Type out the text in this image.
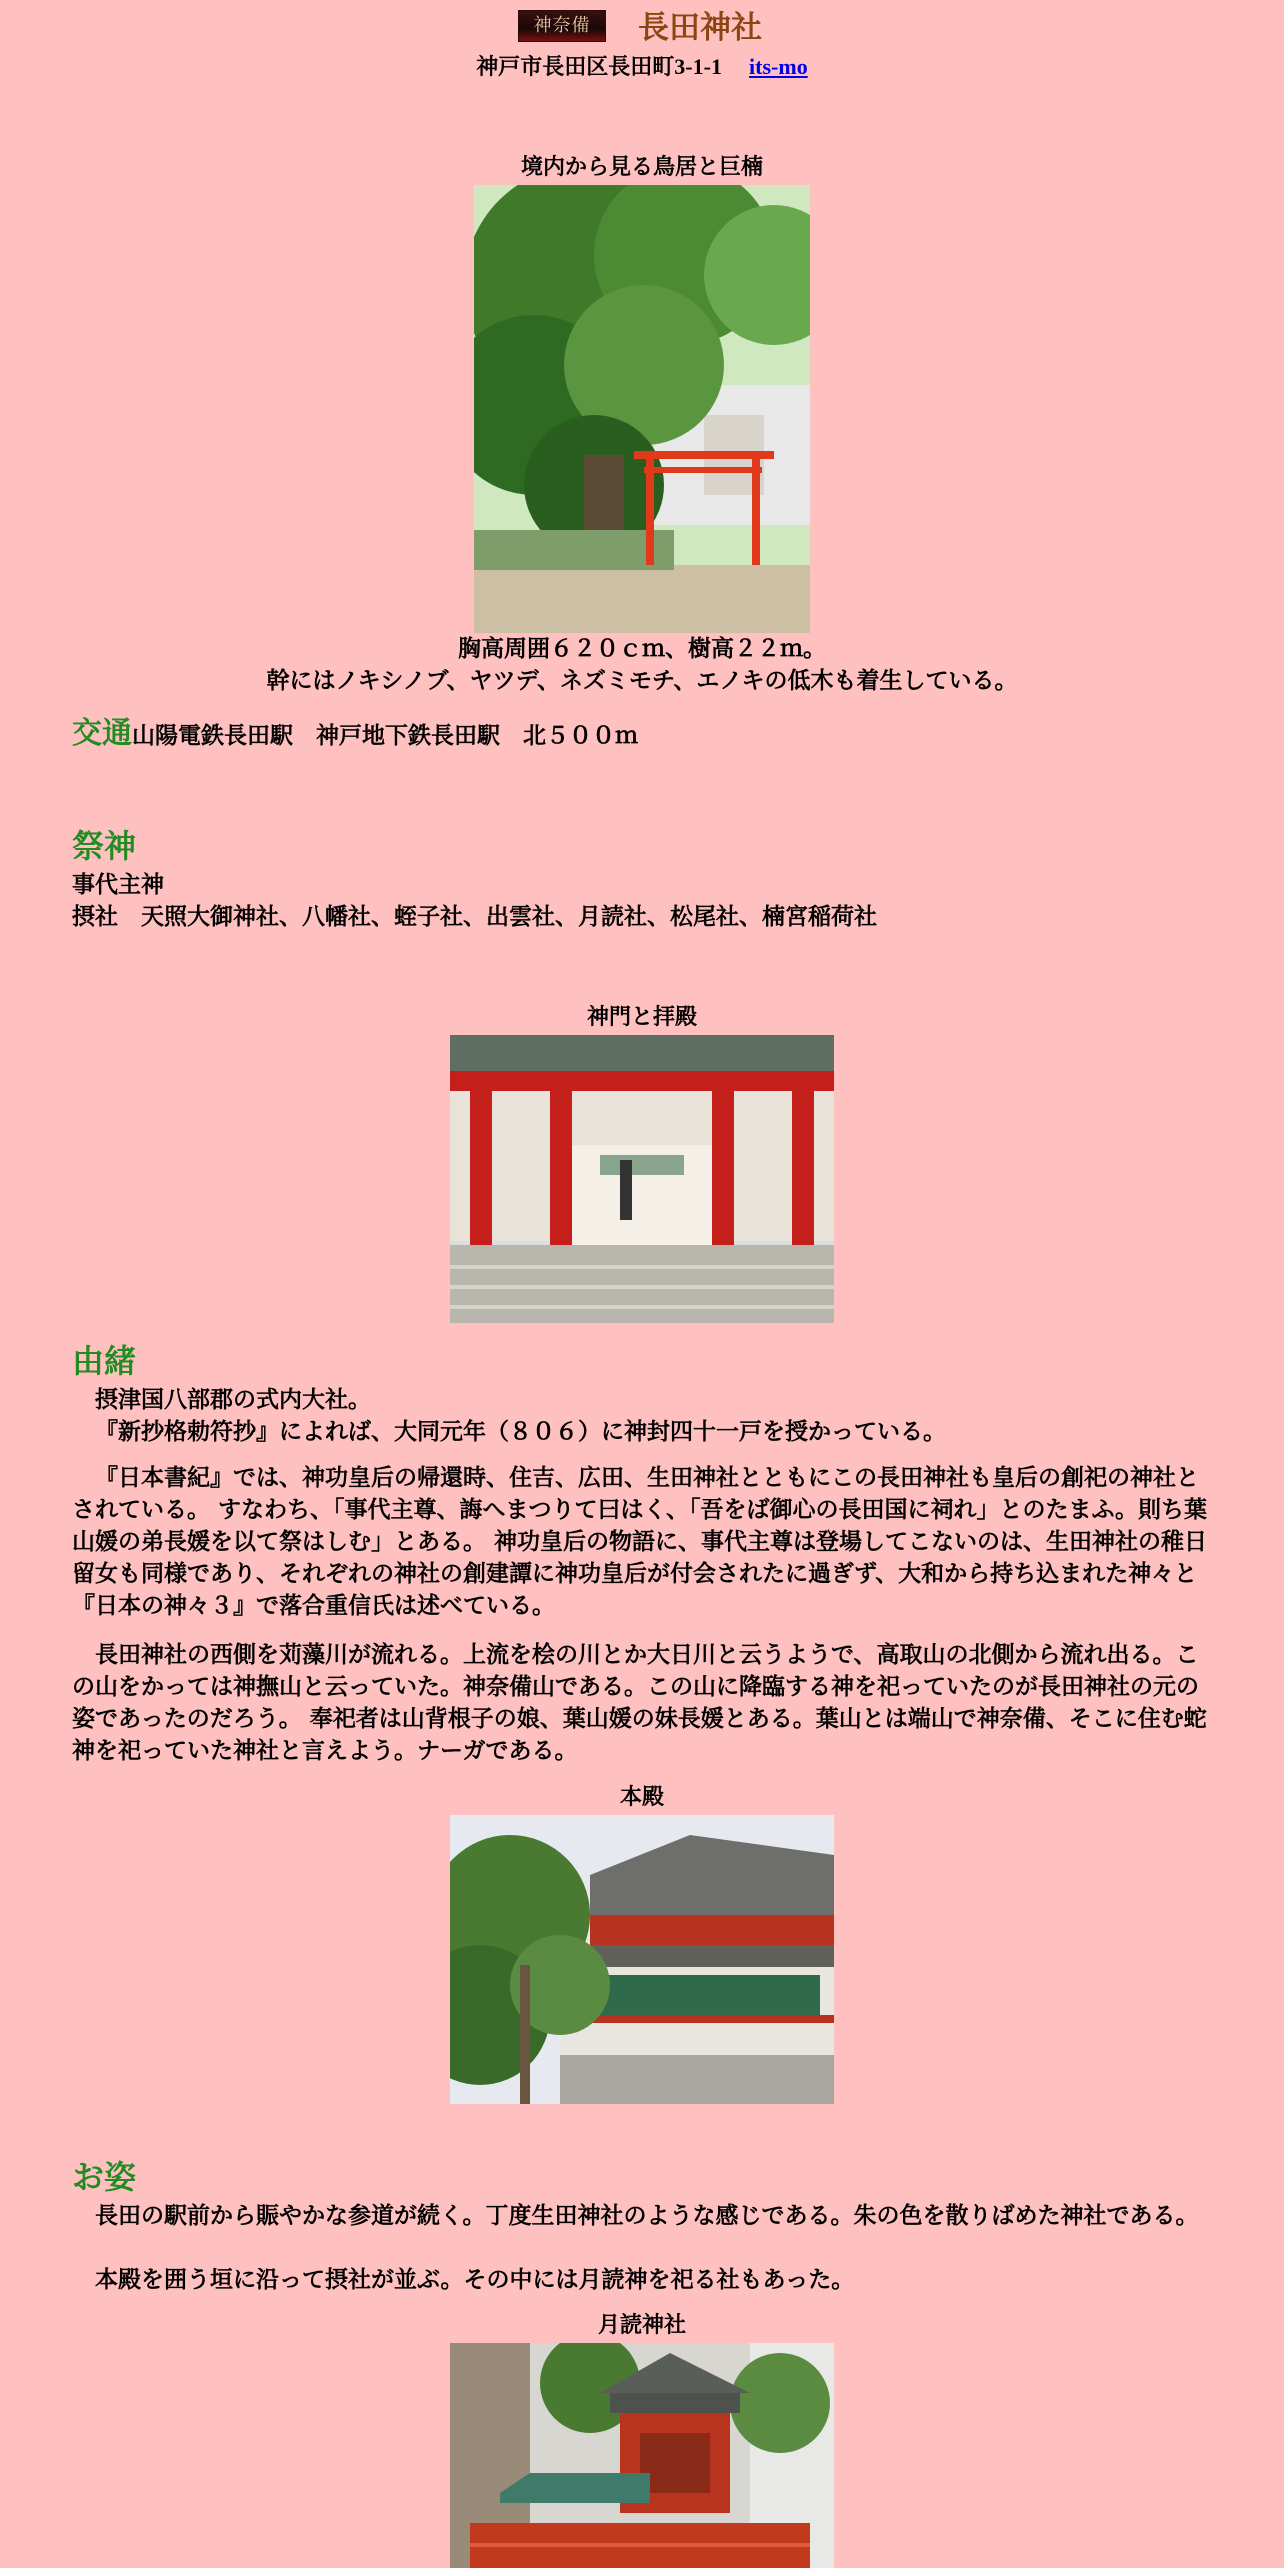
神奈備	長田神社
神戸市長田区長田町3-1-1 its-mo
境内から見る鳥居と巨楠
胸高周囲６２０ｃｍ、樹高２２ｍ。
幹にはノキシノブ、ヤツデ、ネズミモチ、エノキの低木も着生している。
交通山陽電鉄長田駅　神戸地下鉄長田駅　北５００ｍ
祭神
事代主神
摂社　天照大御神社、八幡社、蛭子社、出雲社、月読社、松尾社、楠宮稲荷社
神門と拝殿
由緒
摂津国八部郡の式内大社。
『新抄格勅符抄』によれば、大同元年（８０６）に神封四十一戸を授かっている。
『日本書紀』では、神功皇后の帰還時、住吉、広田、生田神社とともにこの長田神社も皇后の創祀の神社とされている。 すなわち、「事代主尊、誨へまつりて曰はく、「吾をば御心の長田国に祠れ」とのたまふ。則ち葉山媛の弟長媛を以て祭はしむ」とある。 神功皇后の物語に、事代主尊は登場してこないのは、生田神社の稚日留女も同様であり、それぞれの神社の創建譚に神功皇后が付会されたに過ぎず、大和から持ち込まれた神々と『日本の神々３』で落合重信氏は述べている。
長田神社の西側を苅藻川が流れる。上流を桧の川とか大日川と云うようで、高取山の北側から流れ出る。この山をかっては神撫山と云っていた。神奈備山である。この山に降臨する神を祀っていたのが長田神社の元の姿であったのだろう。 奉祀者は山背根子の娘、葉山媛の妹長媛とある。葉山とは端山で神奈備、そこに住む蛇神を祀っていた神社と言えよう。ナーガである。
本殿
お姿
長田の駅前から賑やかな参道が続く。丁度生田神社のような感じである。朱の色を散りばめた神社である。
本殿を囲う垣に沿って摂社が並ぶ。その中には月読神を祀る社もあった。
月読神社
